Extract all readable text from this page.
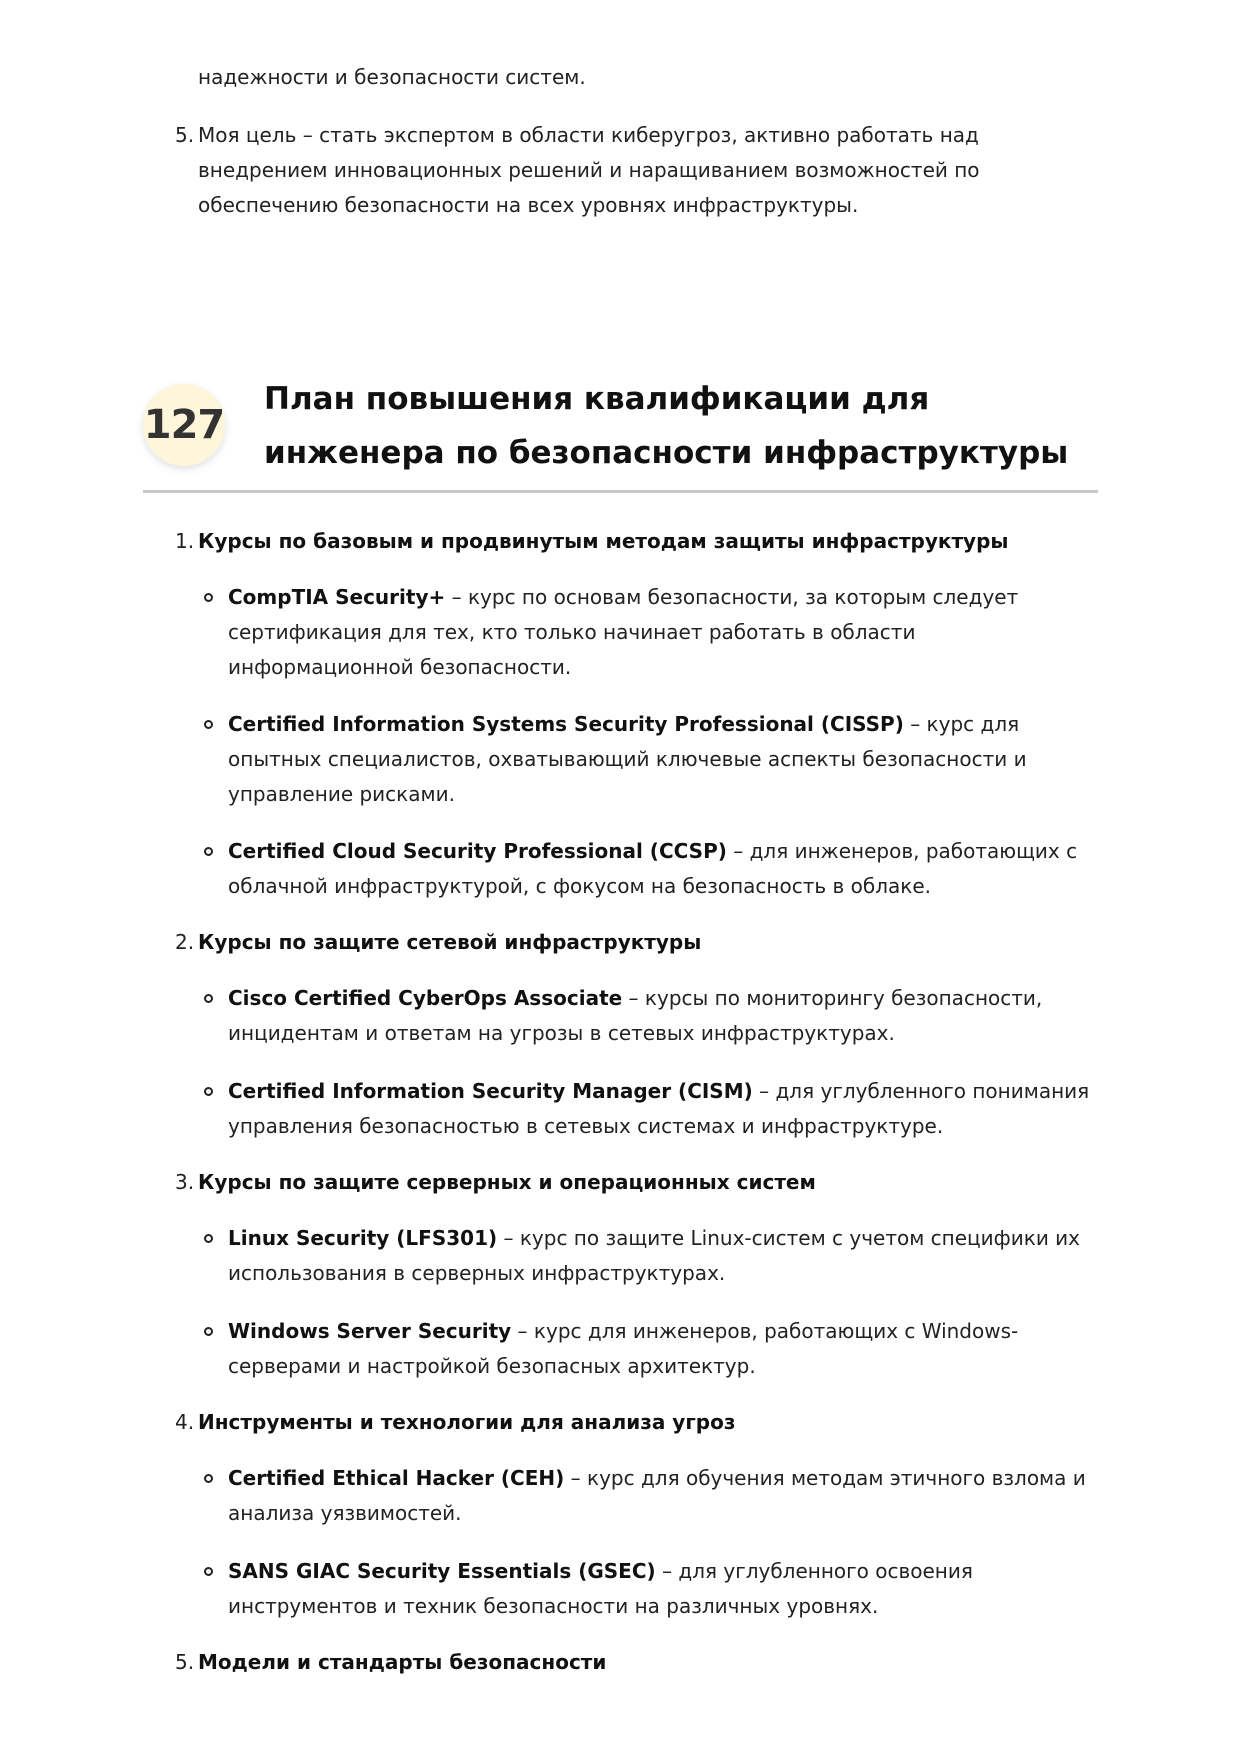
надежности и безопасности систем.

5. Моя цель – стать экспертом в области киберугроз, активно работать над внедрением инновационных решений и наращиванием возможностей по обеспечению безопасности на всех уровнях инфраструктуры.
127
План повышения квалификации для инженера по безопасности инфраструктуры
1. Курсы по базовым и продвинутым методам защиты инфраструктуры
CompTIA Security+ – курс по основам безопасности, за которым следует сертификация для тех, кто только начинает работать в области информационной безопасности.
Certified Information Systems Security Professional (CISSP) – курс для опытных специалистов, охватывающий ключевые аспекты безопасности и управление рисками.
Certified Cloud Security Professional (CCSP) – для инженеров, работающих с облачной инфраструктурой, с фокусом на безопасность в облаке.
2. Курсы по защите сетевой инфраструктуры
Cisco Certified CyberOps Associate – курсы по мониторингу безопасности, инцидентам и ответам на угрозы в сетевых инфраструктурах.
Certified Information Security Manager (CISM) – для углубленного понимания управления безопасностью в сетевых системах и инфраструктуре.
3. Курсы по защите серверных и операционных систем
Linux Security (LFS301) – курс по защите Linux-систем с учетом специфики их использования в серверных инфраструктурах.
Windows Server Security – курс для инженеров, работающих с Windows-серверами и настройкой безопасных архитектур.
4. Инструменты и технологии для анализа угроз
Certified Ethical Hacker (CEH) – курс для обучения методам этичного взлома и анализа уязвимостей.
SANS GIAC Security Essentials (GSEC) – для углубленного освоения инструментов и техник безопасности на различных уровнях.
5. Модели и стандарты безопасности
